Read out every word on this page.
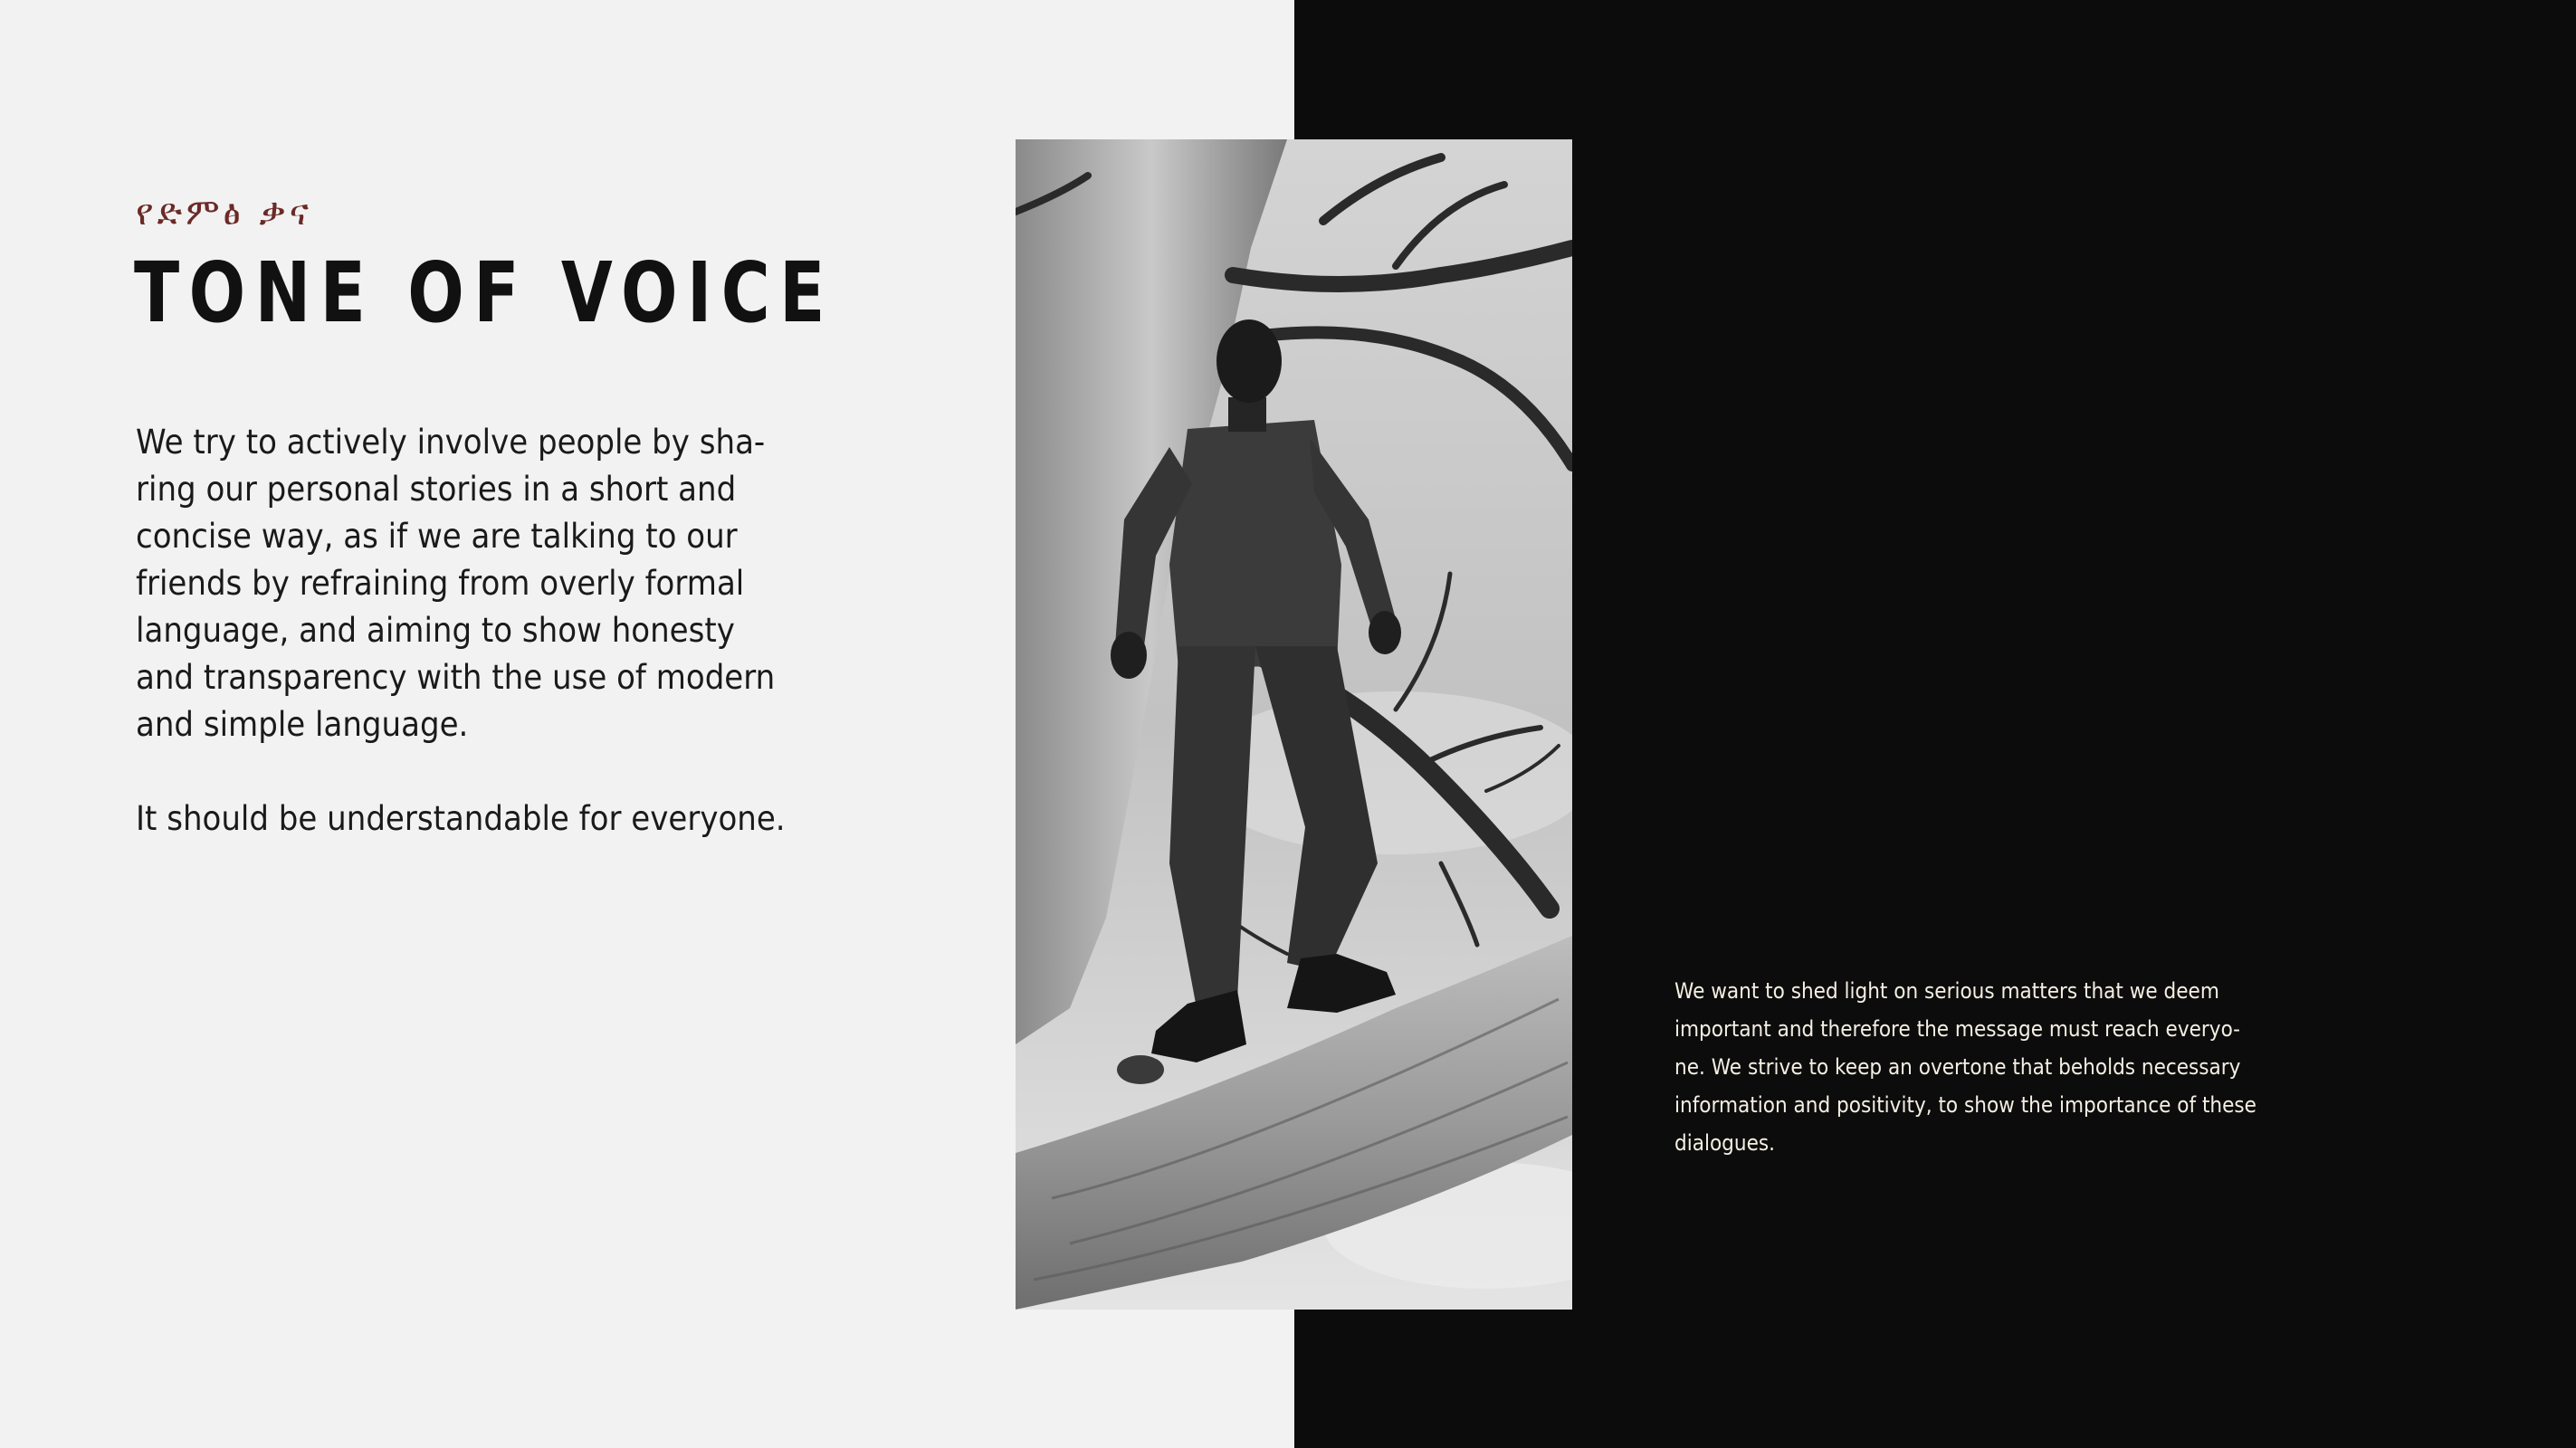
የድምፅ ቃና
TONE OF VOICE

We try to actively involve people by sha-
ring our personal stories in a short and
concise way, as if we are talking to our
friends by refraining from overly formal
language, and aiming to show honesty
and transparency with the use of modern
and simple language.

It should be understandable for everyone.

We want to shed light on serious matters that we deem
important and therefore the message must reach everyo-
ne. We strive to keep an overtone that beholds necessary
information and positivity, to show the importance of these
dialogues.
